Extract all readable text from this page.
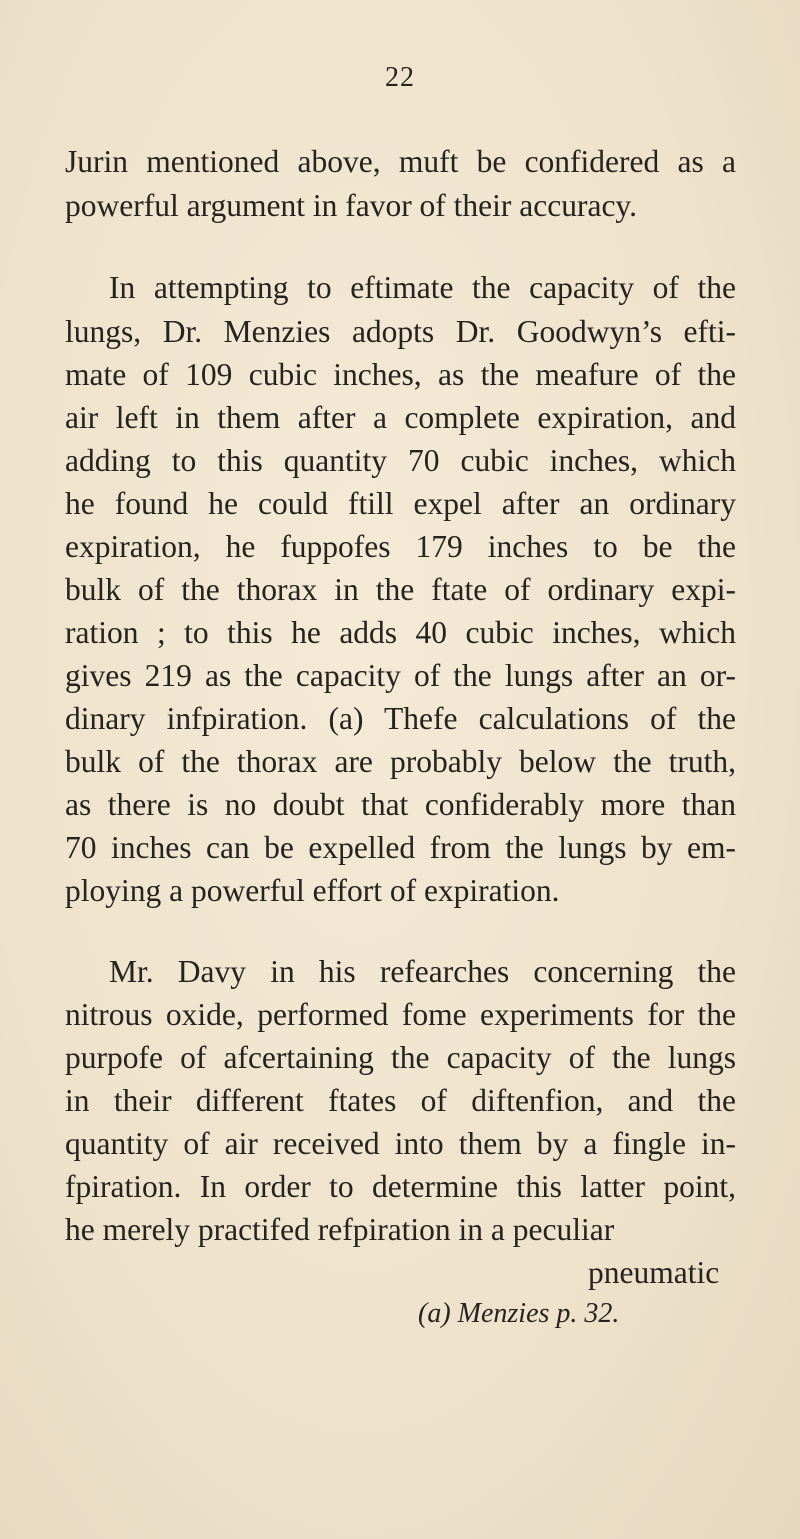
22
Jurin mentioned above, muft be confidered as a
powerful argument in favor of their accuracy.
In attempting to eftimate the capacity of the
lungs, Dr. Menzies adopts Dr. Goodwyn’s efti-
mate of 109 cubic inches, as the meafure of the
air left in them after a complete expiration, and
adding to this quantity 70 cubic inches, which
he found he could ftill expel after an ordinary
expiration, he fuppofes 179 inches to be the
bulk of the thorax in the ftate of ordinary expi-
ration ; to this he adds 40 cubic inches, which
gives 219 as the capacity of the lungs after an or-
dinary infpiration. (a) Thefe calculations of the
bulk of the thorax are probably below the truth,
as there is no doubt that confiderably more than
70 inches can be expelled from the lungs by em-
ploying a powerful effort of expiration.
Mr. Davy in his refearches concerning the
nitrous oxide, performed fome experiments for the
purpofe of afcertaining the capacity of the lungs
in their different ftates of diftenfion, and the
quantity of air received into them by a fingle in-
fpiration. In order to determine this latter point,
he merely practifed refpiration in a peculiar
pneumatic
(a) Menzies p. 32.
